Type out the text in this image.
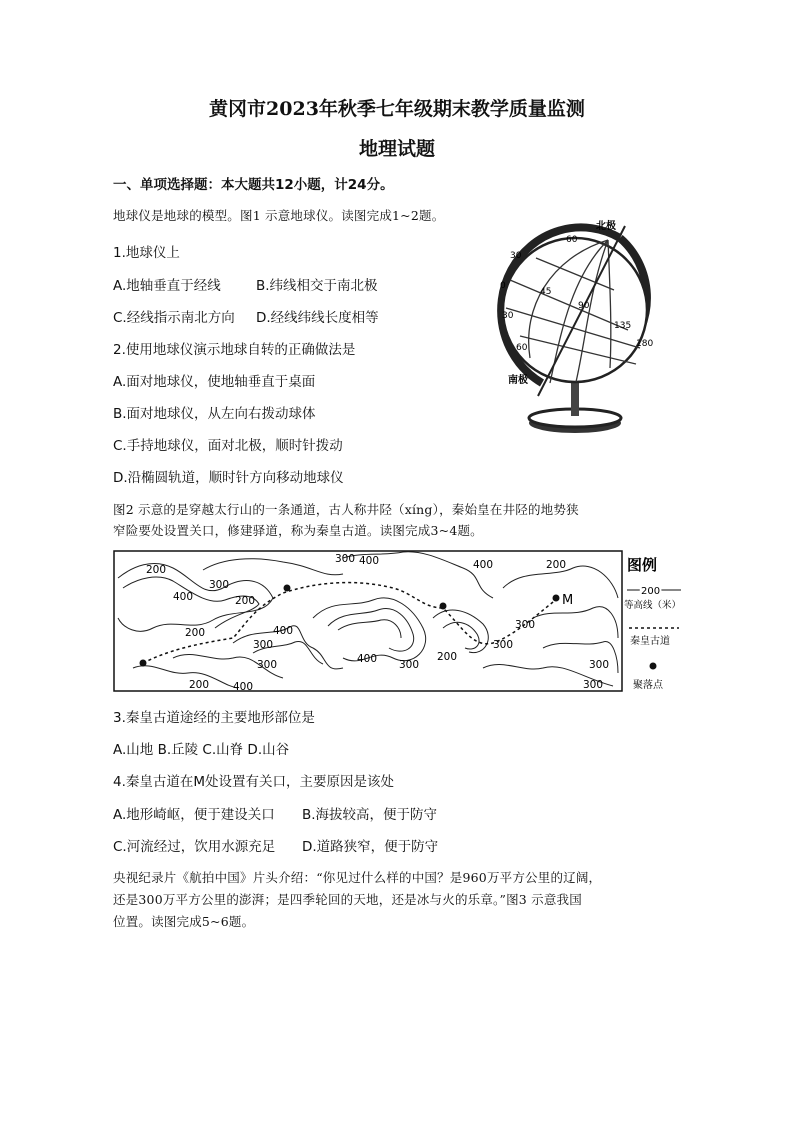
黄冈市2023年秋季七年级期末教学质量监测
地理试题
一、单项选择题：本大题共12小题，计24分。
地球仪是地球的模型。图1 示意地球仪。读图完成1~2题。
1.地球仪上
A.地轴垂直于经线	B.纬线相交于南北极
C.经线指示南北方向 D.经线纬线长度相等
2.使用地球仪演示地球自转的正确做法是
A.面对地球仪，使地轴垂直于桌面
B.面对地球仪，从左向右拨动球体
C.手持地球仪，面对北极，顺时针拨动
D.沿椭圆轨道，顺时针方向移动地球仪
北极
南极
60
30
0
30
60
45
90
135
180
图2 示意的是穿越太行山的一条通道，古人称井陉（xíng），秦始皇在井陉的地势狭
窄险要处设置关口，修建驿道，称为秦皇古道。读图完成3~4题。
M
200
300 400
300
400	200
200
300
400
400	200
400	200
300
300
300
400
300
200
300
300
图例
200
等高线（米）
秦皇古道
聚落点
3.秦皇古道途经的主要地形部位是
A.山地 B.丘陵 C.山脊 D.山谷
4.秦皇古道在M处设置有关口，主要原因是该处
A.地形崎岖，便于建设关口 B.海拔较高，便于防守
C.河流经过，饮用水源充足 D.道路狭窄，便于防守
央视纪录片《航拍中国》片头介绍：“你见过什么样的中国？是960万平方公里的辽阔，
还是300万平方公里的澎湃；是四季轮回的天地，还是冰与火的乐章。”图3 示意我国
位置。读图完成5~6题。
